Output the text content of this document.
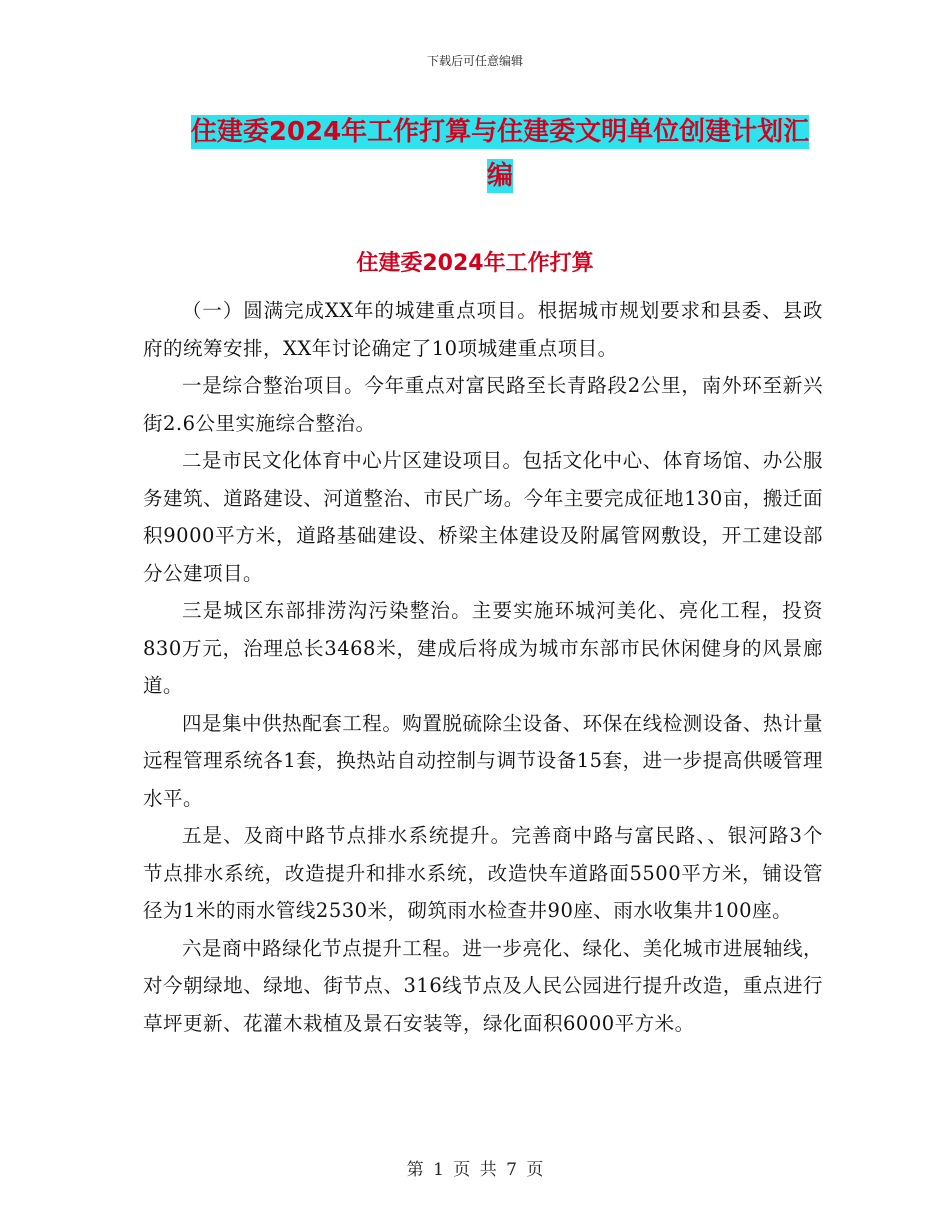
下载后可任意编辑
住建委2024年工作打算与住建委文明单位创建计划汇编
住建委2024年工作打算

（一）圆满完成XX年的城建重点项目。根据城市规划要求和县委、县政府的统筹安排，XX年讨论确定了10项城建重点项目。

一是综合整治项目。今年重点对富民路至长青路段2公里，南外环至新兴街2.6公里实施综合整治。

二是市民文化体育中心片区建设项目。包括文化中心、体育场馆、办公服务建筑、道路建设、河道整治、市民广场。今年主要完成征地130亩，搬迁面积9000平方米，道路基础建设、桥梁主体建设及附属管网敷设，开工建设部分公建项目。

三是城区东部排涝沟污染整治。主要实施环城河美化、亮化工程，投资830万元，治理总长3468米，建成后将成为城市东部市民休闲健身的风景廊道。

四是集中供热配套工程。购置脱硫除尘设备、环保在线检测设备、热计量远程管理系统各1套，换热站自动控制与调节设备15套，进一步提高供暖管理水平。

五是、及商中路节点排水系统提升。完善商中路与富民路、、银河路3个节点排水系统，改造提升和排水系统，改造快车道路面5500平方米，铺设管径为1米的雨水管线2530米，砌筑雨水检查井90座、雨水收集井100座。

六是商中路绿化节点提升工程。进一步亮化、绿化、美化城市进展轴线，对今朝绿地、绿地、街节点、316线节点及人民公园进行提升改造，重点进行草坪更新、花灌木栽植及景石安装等，绿化面积6000平方米。

第 1 页 共 7 页
